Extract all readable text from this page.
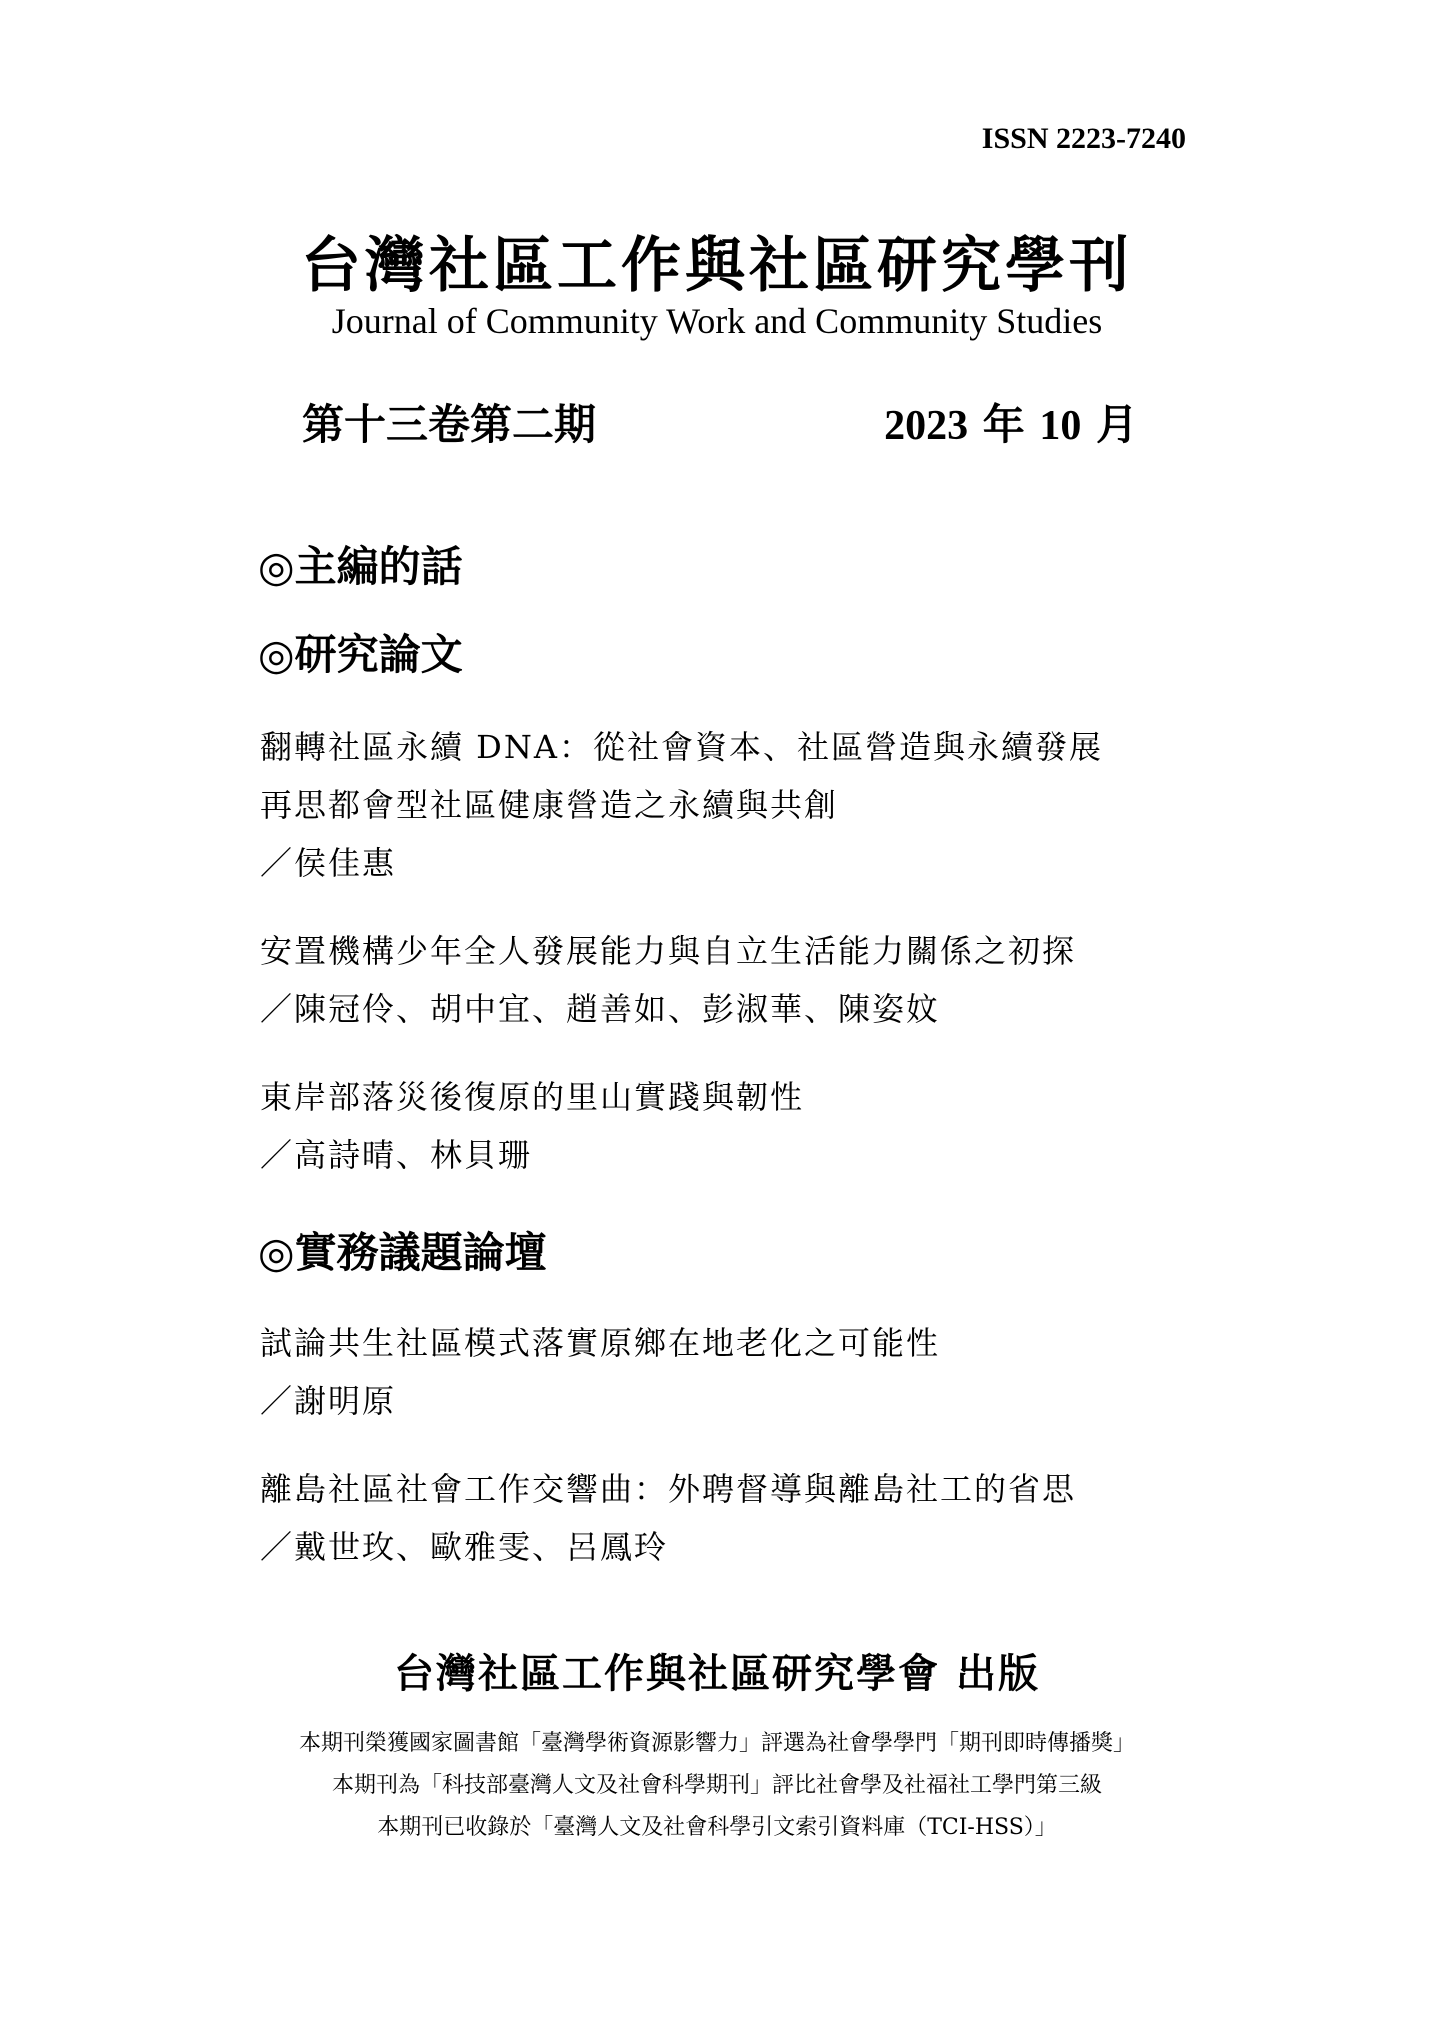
ISSN 2223-7240
台灣社區工作與社區研究學刊
Journal of Community Work and Community Studies
第十三卷第二期	2023 年 10 月
◎主編的話
◎研究論文
翻轉社區永續 DNA：從社會資本、社區營造與永續發展
再思都會型社區健康營造之永續與共創
／侯佳惠
安置機構少年全人發展能力與自立生活能力關係之初探
／陳冠伶、胡中宜、趙善如、彭淑華、陳姿妏
東岸部落災後復原的里山實踐與韌性
／高詩晴、林貝珊
◎實務議題論壇
試論共生社區模式落實原鄉在地老化之可能性
／謝明原
離島社區社會工作交響曲：外聘督導與離島社工的省思
／戴世玫、歐雅雯、呂鳳玲
台灣社區工作與社區研究學會 出版
本期刊榮獲國家圖書館「臺灣學術資源影響力」評選為社會學學門「期刊即時傳播獎」
本期刊為「科技部臺灣人文及社會科學期刊」評比社會學及社福社工學門第三級
本期刊已收錄於「臺灣人文及社會科學引文索引資料庫（TCI-HSS）」
